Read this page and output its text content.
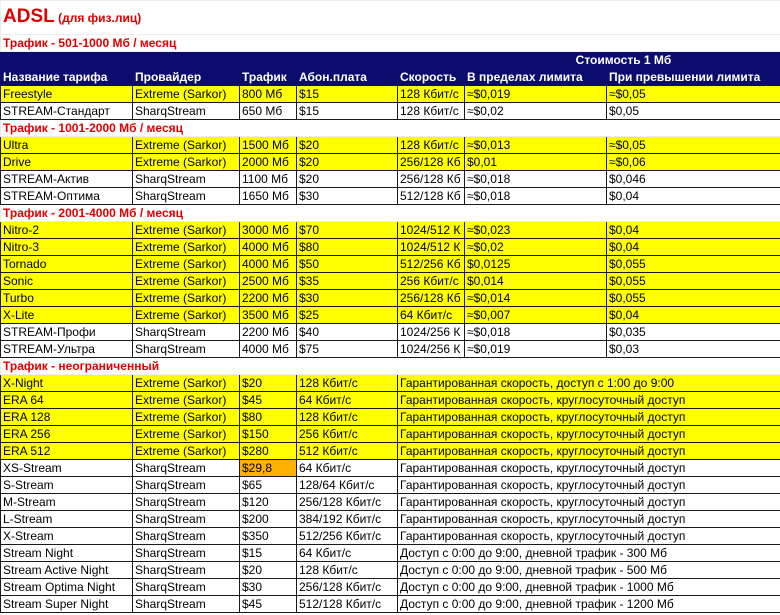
ADSL (для физ.лиц)						
Трафик - 501-1000 Мб / месяц						
					Стоимость 1 Мб	
Название тарифа	Провайдер	Трафик	Абон.плата	Скорость	В пределах лимита	При превышении лимита
Freestyle	Extreme (Sarkor)	800 Мб	$15	128 Кбит/с	≈$0,019	≈$0,05
STREAM-Стандарт	SharqStream	650 Мб	$15	128 Кбит/с	≈$0,02	$0,05
Трафик - 1001-2000 Мб / месяц						
Ultra	Extreme (Sarkor)	1500 Мб	$20	128 Кбит/с	≈$0,013	≈$0,05
Drive	Extreme (Sarkor)	2000 Мб	$20	256/128 Кб	$0,01	≈$0,06
STREAM-Актив	SharqStream	1100 Мб	$20	256/128 Кб	≈$0,018	$0,046
STREAM-Оптима	SharqStream	1650 Мб	$30	512/128 Кб	≈$0,018	$0,04
Трафик - 2001-4000 Мб / месяц						
Nitro-2	Extreme (Sarkor)	3000 Мб	$70	1024/512 К	≈$0,023	$0,04
Nitro-3	Extreme (Sarkor)	4000 Мб	$80	1024/512 К	≈$0,02	$0,04
Tornado	Extreme (Sarkor)	4000 Мб	$50	512/256 Кб	$0,0125	$0,055
Sonic	Extreme (Sarkor)	2500 Мб	$35	256 Кбит/с	$0,014	$0,055
Turbo	Extreme (Sarkor)	2200 Мб	$30	256/128 Кб	≈$0,014	$0,055
X-Lite	Extreme (Sarkor)	3500 Мб	$25	64 Кбит/с	≈$0,007	$0,04
STREAM-Профи	SharqStream	2200 Мб	$40	1024/256 К	≈$0,018	$0,035
STREAM-Ультра	SharqStream	4000 Мб	$75	1024/256 К	≈$0,019	$0,03
Трафик - неограниченный						
X-Night	Extreme (Sarkor)	$20	128 Кбит/с	Гарантированная скорость, доступ с 1:00 до 9:00		
ERA 64	Extreme (Sarkor)	$45	64 Кбит/с	Гарантированная скорость, круглосуточный доступ		
ERA 128	Extreme (Sarkor)	$80	128 Кбит/с	Гарантированная скорость, круглосуточный доступ		
ERA 256	Extreme (Sarkor)	$150	256 Кбит/с	Гарантированная скорость, круглосуточный доступ		
ERA 512	Extreme (Sarkor)	$280	512 Кбит/с	Гарантированная скорость, круглосуточный доступ		
XS-Stream	SharqStream	$29,8	64 Кбит/с	Гарантированная скорость, круглосуточный доступ		
S-Stream	SharqStream	$65	128/64 Кбит/с	Гарантированная скорость, круглосуточный доступ		
M-Stream	SharqStream	$120	256/128 Кбит/с	Гарантированная скорость, круглосуточный доступ		
L-Stream	SharqStream	$200	384/192 Кбит/с	Гарантированная скорость, круглосуточный доступ		
X-Stream	SharqStream	$350	512/256 Кбит/с	Гарантированная скорость, круглосуточный доступ		
Stream Night	SharqStream	$15	64 Кбит/с	Доступ с 0:00 до 9:00, дневной трафик - 300 Мб		
Stream Active Night	SharqStream	$20	128 Кбит/с	Доступ с 0:00 до 9:00, дневной трафик - 500 Мб		
Stream Optima Night	SharqStream	$30	256/128 Кбит/с	Доступ с 0:00 до 9:00, дневной трафик - 1000 Мб		
Stream Super Night	SharqStream	$45	512/128 Кбит/с	Доступ с 0:00 до 9:00, дневной трафик - 1200 Мб		
